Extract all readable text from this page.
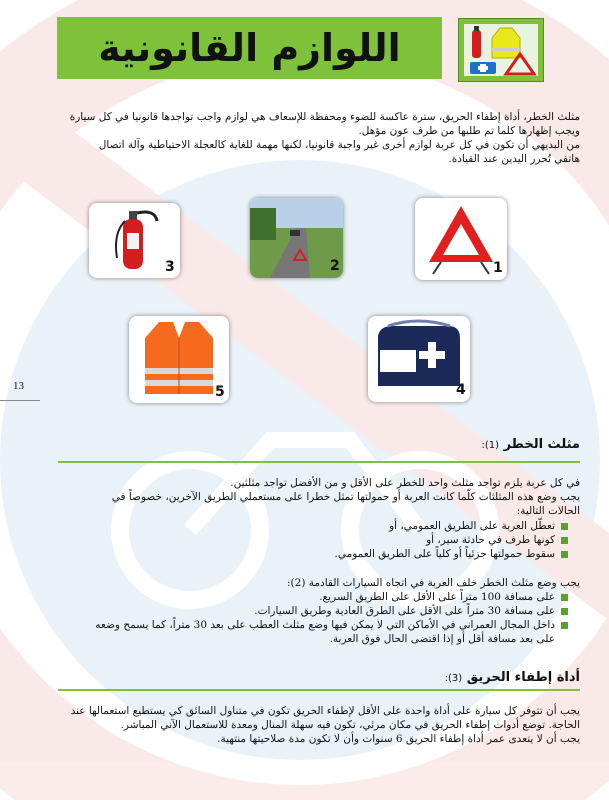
اللوازم القانونية
مثلث الخطر، أداة إطفاء الحريق، سترة عاكسة للضوء ومحفظة للإسعاف هي لوازم واجب تواجدها قانونيا في كل سيارة
ويجب إظهارها كلما تم طلبها من طرف عون مؤهل.
من البديهي أن تكون في كل عربة لوازم أخرى غير واجبة قانونيا، لكنها مهمة للغاية كالعجلة الاحتياطية وآلة اتصال
هاتفي تُحرر اليدين عند القيادة.
3	2	1
5	4
13
مثلث الخطر (1):
في كل عربة يلزم تواجد مثلث واحد للخطر على الأقل و من الأفضل تواجد مثلثين.
يجب وضع هذه المثلثات كلّما كانت العربة أو حمولتها تمثل خطرا على مستعملي الطريق الآخرين، خصوصاً في
الحالات التالية:
تعطّل العربة على الطريق العمومي، أو
كونها طرف في حادثة سير، أو
سقوط حمولتها جزئياً أو كلياً على الطريق العمومي.
يجب وضع مثلث الخطر خلف العربة في اتجاه السيارات القادمة (2):
على مسافة 100 متراً على الأقل على الطريق السريع.
على مسافة 30 متراً على الأقل على الطرق العادية وطريق السيارات.
داخل المجال العمراني في الأماكن التي لا يمكن فيها وضع مثلث العطب على بعد 30 متراً، كما يسمح وضعه
على بعد مسافة أقل أو إذا اقتضى الحال فوق العربة.
أداة إطفاء الحريق (3):
يجب أن تتوفر كل سيارة على أداة واحدة على الأقل لإطفاء الحريق تكون في متناول السائق كي يستطيع استعمالها عند
الحاجة. توضع أدوات إطفاء الحريق في مكان مرئي، تكون فيه سهلة المنال ومعدة للاستعمال الآني المباشر.
يجب أن لا يتعدى عمر أداة إطفاء الحريق 6 سنوات وأن لا تكون مدة صلاحيتها منتهية.
